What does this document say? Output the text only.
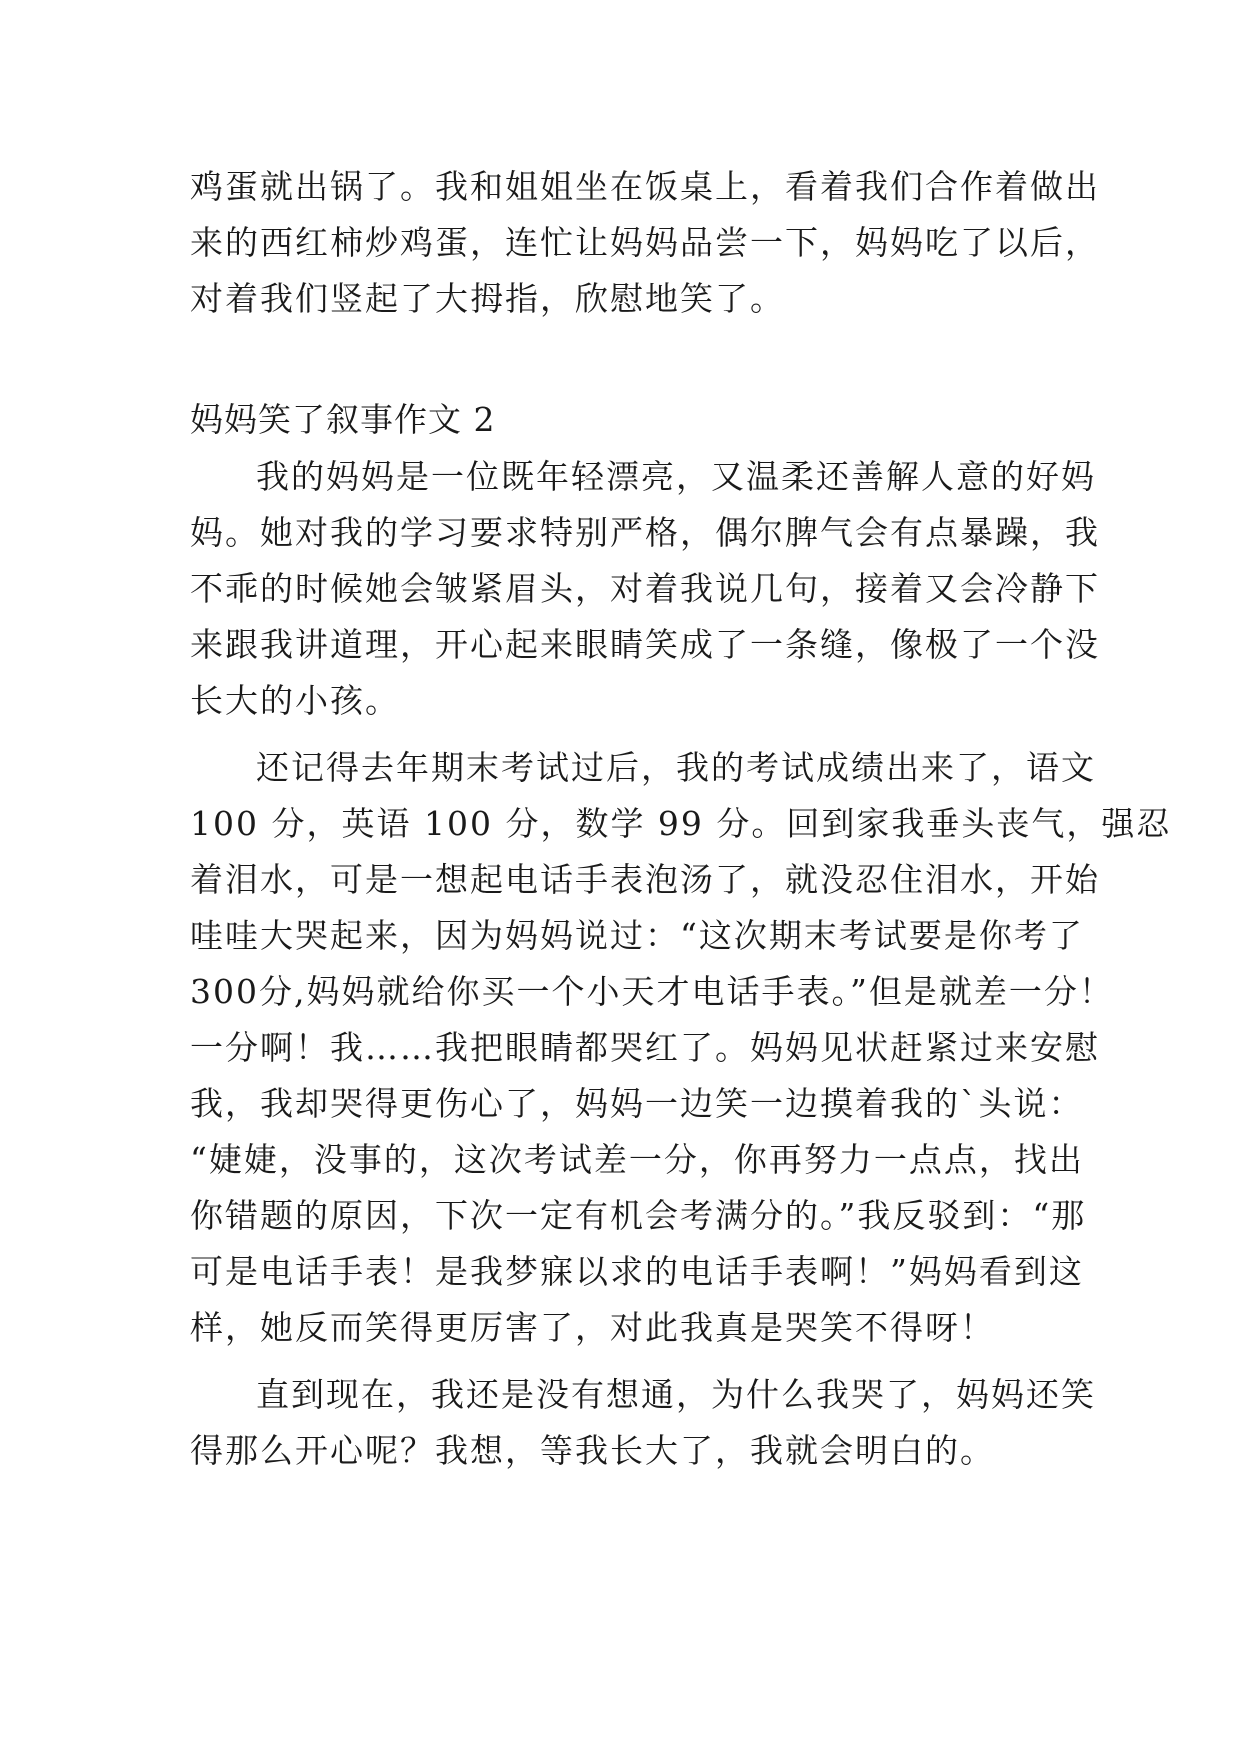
鸡蛋就出锅了。我和姐姐坐在饭桌上，看着我们合作着做出
来的西红柿炒鸡蛋，连忙让妈妈品尝一下，妈妈吃了以后，
对着我们竖起了大拇指，欣慰地笑了。
妈妈笑了叙事作文 2
我的妈妈是一位既年轻漂亮，又温柔还善解人意的好妈
妈。她对我的学习要求特别严格，偶尔脾气会有点暴躁，我
不乖的时候她会皱紧眉头，对着我说几句，接着又会冷静下
来跟我讲道理，开心起来眼睛笑成了一条缝，像极了一个没
长大的小孩。
还记得去年期末考试过后，我的考试成绩出来了，语文
100 分，英语 100 分，数学 99 分。回到家我垂头丧气，强忍
着泪水，可是一想起电话手表泡汤了，就没忍住泪水，开始
哇哇大哭起来，因为妈妈说过：“这次期末考试要是你考了
300分,妈妈就给你买一个小天才电话手表。”但是就差一分！
一分啊！我……我把眼睛都哭红了。妈妈见状赶紧过来安慰
我，我却哭得更伤心了，妈妈一边笑一边摸着我的`头说：
“婕婕，没事的，这次考试差一分，你再努力一点点，找出
你错题的原因，下次一定有机会考满分的。”我反驳到：“那
可是电话手表！是我梦寐以求的电话手表啊！”妈妈看到这
样，她反而笑得更厉害了，对此我真是哭笑不得呀！
直到现在，我还是没有想通，为什么我哭了，妈妈还笑
得那么开心呢？我想，等我长大了，我就会明白的。
